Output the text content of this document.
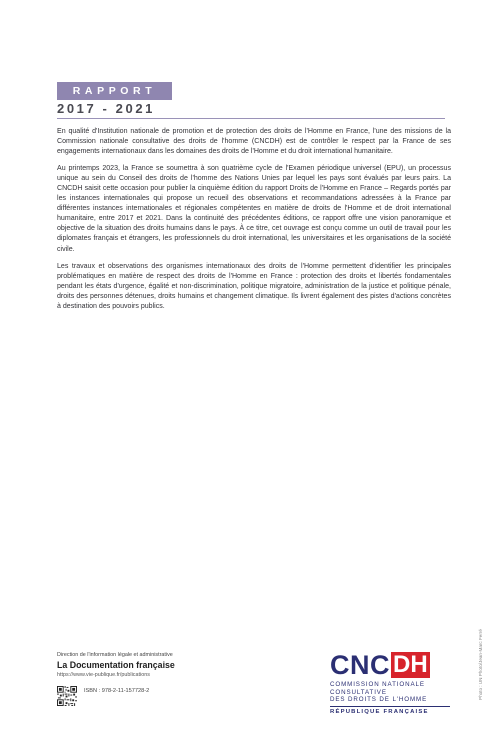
RAPPORT
2017 - 2021

En qualité d'Institution nationale de promotion et de protection des droits de l'Homme en France, l'une des missions de la Commission nationale consultative des droits de l'homme (CNCDH) est de contrôler le respect par la France de ses engagements internationaux dans les domaines des droits de l'Homme et du droit international humanitaire.

Au printemps 2023, la France se soumettra à son quatrième cycle de l'Examen périodique universel (EPU), un processus unique au sein du Conseil des droits de l'homme des Nations Unies par lequel les pays sont évalués par leurs pairs. La CNCDH saisit cette occasion pour publier la cinquième édition du rapport Droits de l'Homme en France – Regards portés par les instances internationales qui propose un recueil des observations et recommandations adressées à la France par différentes instances internationales et régionales compétentes en matière de droits de l'Homme et de droit international humanitaire, entre 2017 et 2021. Dans la continuité des précédentes éditions, ce rapport offre une vision panoramique et objective de la situation des droits humains dans le pays. À ce titre, cet ouvrage est conçu comme un outil de travail pour les diplomates français et étrangers, les professionnels du droit international, les universitaires et les organisations de la société civile.

Les travaux et observations des organismes internationaux des droits de l'Homme permettent d'identifier les principales problématiques en matière de respect des droits de l'Homme en France : protection des droits et libertés fondamentales pendant les états d'urgence, égalité et non-discrimination, politique migratoire, administration de la justice et politique pénale, droits des personnes détenues, droits humains et changement climatique. Ils livrent également des pistes d'actions concrètes à destination des pouvoirs publics.

Direction de l'information légale et administrative
La Documentation française
https://www.vie-publique.fr/publications
ISBN : 978-2-11-157728-2
CNC DH
COMMISSION NATIONALE
CONSULTATIVE
DES DROITS DE L'HOMME
RÉPUBLIQUE FRANÇAISE
Photo : UN Photo/Jean-Marc Ferré
